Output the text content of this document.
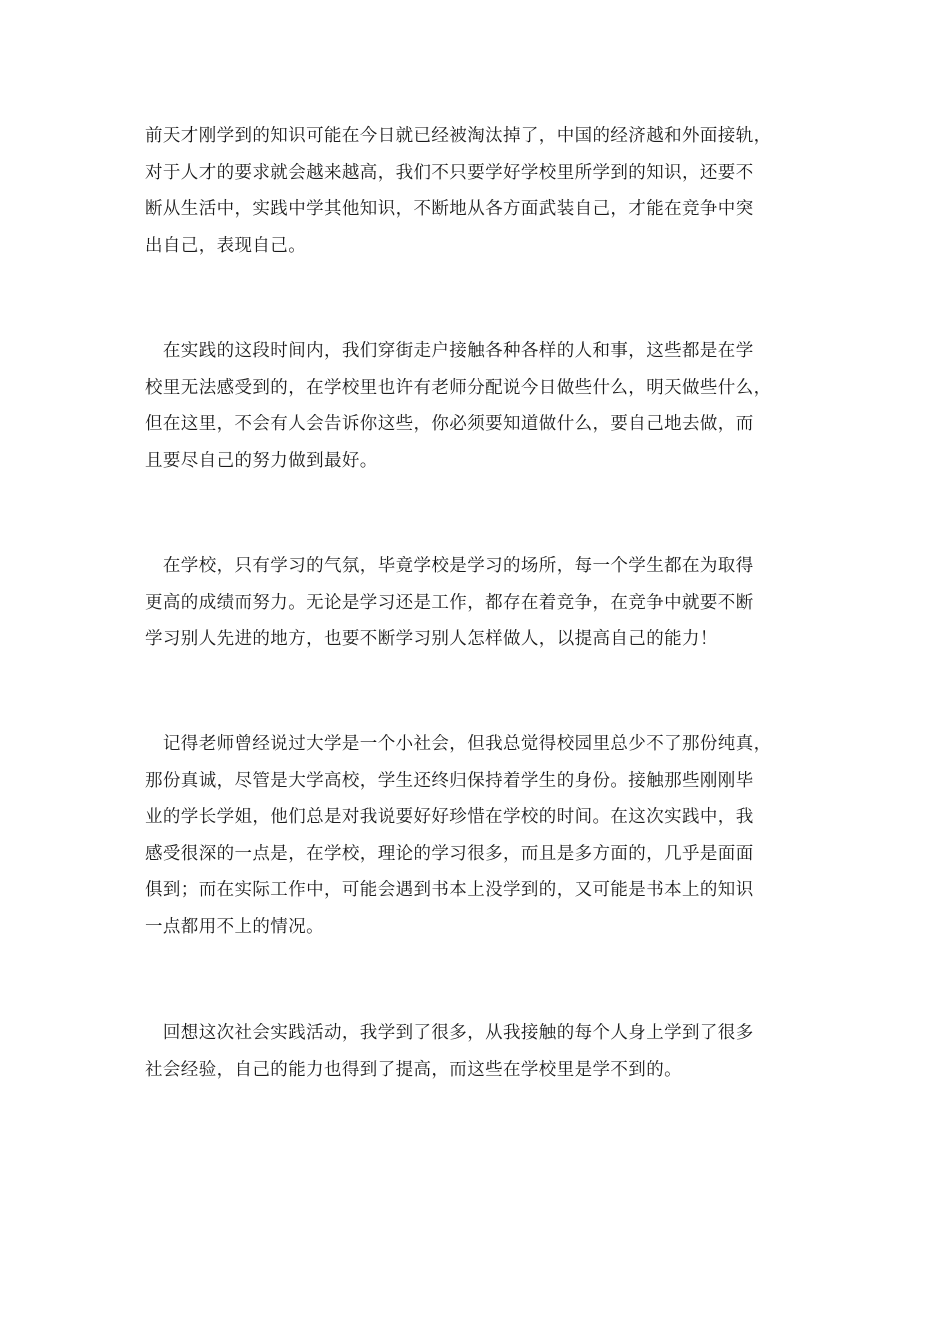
前天才刚学到的知识可能在今日就已经被淘汰掉了，中国的经济越和外面接轨，
对于人才的要求就会越来越高，我们不只要学好学校里所学到的知识，还要不
断从生活中，实践中学其他知识，不断地从各方面武装自己，才能在竞争中突
出自己，表现自己。

　在实践的这段时间内，我们穿街走户接触各种各样的人和事，这些都是在学
校里无法感受到的，在学校里也许有老师分配说今日做些什么，明天做些什么，
但在这里，不会有人会告诉你这些，你必须要知道做什么，要自己地去做，而
且要尽自己的努力做到最好。

　在学校，只有学习的气氛，毕竟学校是学习的场所，每一个学生都在为取得
更高的成绩而努力。无论是学习还是工作，都存在着竞争，在竞争中就要不断
学习别人先进的地方，也要不断学习别人怎样做人，以提高自己的能力！

　记得老师曾经说过大学是一个小社会，但我总觉得校园里总少不了那份纯真，
那份真诚，尽管是大学高校，学生还终归保持着学生的身份。接触那些刚刚毕
业的学长学姐，他们总是对我说要好好珍惜在学校的时间。在这次实践中，我
感受很深的一点是，在学校，理论的学习很多，而且是多方面的，几乎是面面
俱到；而在实际工作中，可能会遇到书本上没学到的，又可能是书本上的知识
一点都用不上的情况。

　回想这次社会实践活动，我学到了很多，从我接触的每个人身上学到了很多
社会经验，自己的能力也得到了提高，而这些在学校里是学不到的。
